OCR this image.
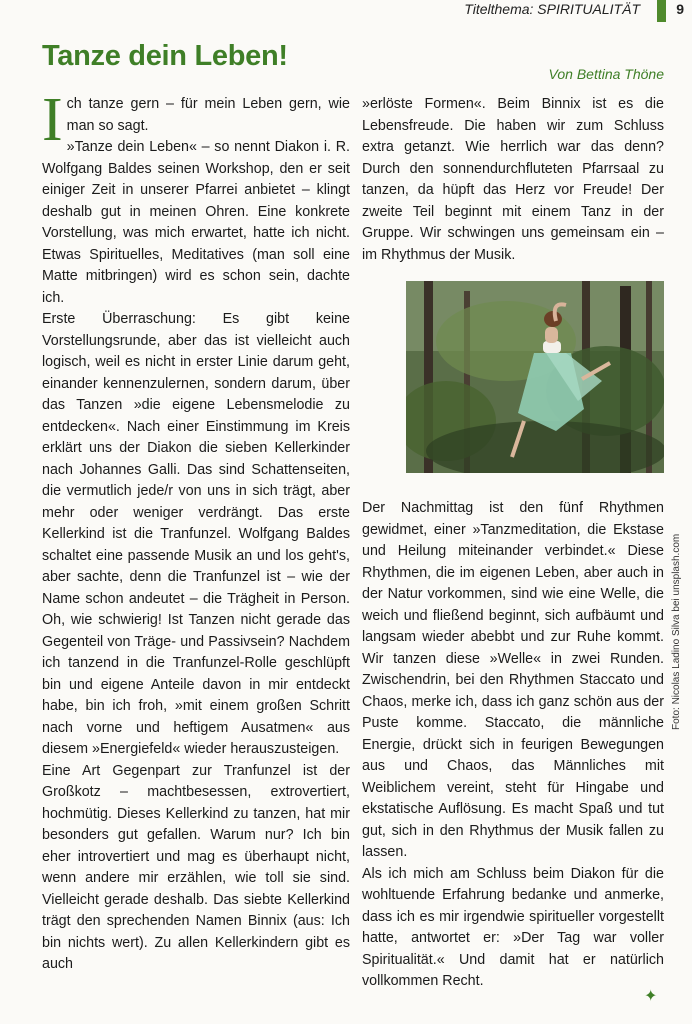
Titelthema: SPIRITUALITÄT	9
Tanze dein Leben!
Von Bettina Thöne
I ch tanze gern – für mein Leben gern, wie man so sagt.

»Tanze dein Leben« – so nennt Diakon i. R. Wolfgang Baldes seinen Workshop, den er seit einiger Zeit in unserer Pfarrei anbietet – klingt deshalb gut in meinen Ohren. Eine konkrete Vorstellung, was mich erwartet, hatte ich nicht. Etwas Spirituelles, Meditatives (man soll eine Matte mitbringen) wird es schon sein, dachte ich.

Erste Überraschung: Es gibt keine Vorstellungsrunde, aber das ist vielleicht auch logisch, weil es nicht in erster Linie darum geht, einander kennenzulernen, sondern darum, über das Tanzen »die eigene Lebensmelodie zu entdecken«. Nach einer Einstimmung im Kreis erklärt uns der Diakon die sieben Kellerkinder nach Johannes Galli. Das sind Schattenseiten, die vermutlich jede/r von uns in sich trägt, aber mehr oder weniger verdrängt. Das erste Kellerkind ist die Tranfunzel. Wolfgang Baldes schaltet eine passende Musik an und los geht's, aber sachte, denn die Tranfunzel ist – wie der Name schon andeutet – die Trägheit in Person. Oh, wie schwierig! Ist Tanzen nicht gerade das Gegenteil von Träge- und Passivsein? Nachdem ich tanzend in die Tranfunzel-Rolle geschlüpft bin und eigene Anteile davon in mir entdeckt habe, bin ich froh, »mit einem großen Schritt nach vorne und heftigem Ausatmen« aus diesem »Energiefeld« wieder herauszusteigen.

Eine Art Gegenpart zur Tranfunzel ist der Großkotz – machtbesessen, extrovertiert, hochmütig. Dieses Kellerkind zu tanzen, hat mir besonders gut gefallen. Warum nur? Ich bin eher introvertiert und mag es überhaupt nicht, wenn andere mir erzählen, wie toll sie sind. Vielleicht gerade deshalb. Das siebte Kellerkind trägt den sprechenden Namen Binnix (aus: Ich bin nichts wert). Zu allen Kellerkindern gibt es auch

»erlöste Formen«. Beim Binnix ist es die Lebensfreude. Die haben wir zum Schluss extra getanzt. Wie herrlich war das denn? Durch den sonnendurchfluteten Pfarrsaal zu tanzen, da hüpft das Herz vor Freude! Der zweite Teil beginnt mit einem Tanz in der Gruppe. Wir schwingen uns gemeinsam ein – im Rhythmus der Musik.

Der Nachmittag ist den fünf Rhythmen gewidmet, einer »Tanzmeditation, die Ekstase und Heilung miteinander verbindet.« Diese Rhythmen, die im eigenen Leben, aber auch in der Natur vorkommen, sind wie eine Welle, die weich und fließend beginnt, sich aufbäumt und langsam wieder abebbt und zur Ruhe kommt. Wir tanzen diese »Welle« in zwei Runden. Zwischendrin, bei den Rhythmen Staccato und Chaos, merke ich, dass ich ganz schön aus der Puste komme. Staccato, die männliche Energie, drückt sich in feurigen Bewegungen aus und Chaos, das Männliches mit Weiblichem vereint, steht für Hingabe und ekstatische Auflösung. Es macht Spaß und tut gut, sich in den Rhythmus der Musik fallen zu lassen.

Als ich mich am Schluss beim Diakon für die wohltuende Erfahrung bedanke und anmerke, dass ich es mir irgendwie spiritueller vorgestellt hatte, antwortet er: »Der Tag war voller Spiritualität.« Und damit hat er natürlich vollkommen Recht.

Foto: Nicolas Ladino Silva bei unsplash.com
✦
